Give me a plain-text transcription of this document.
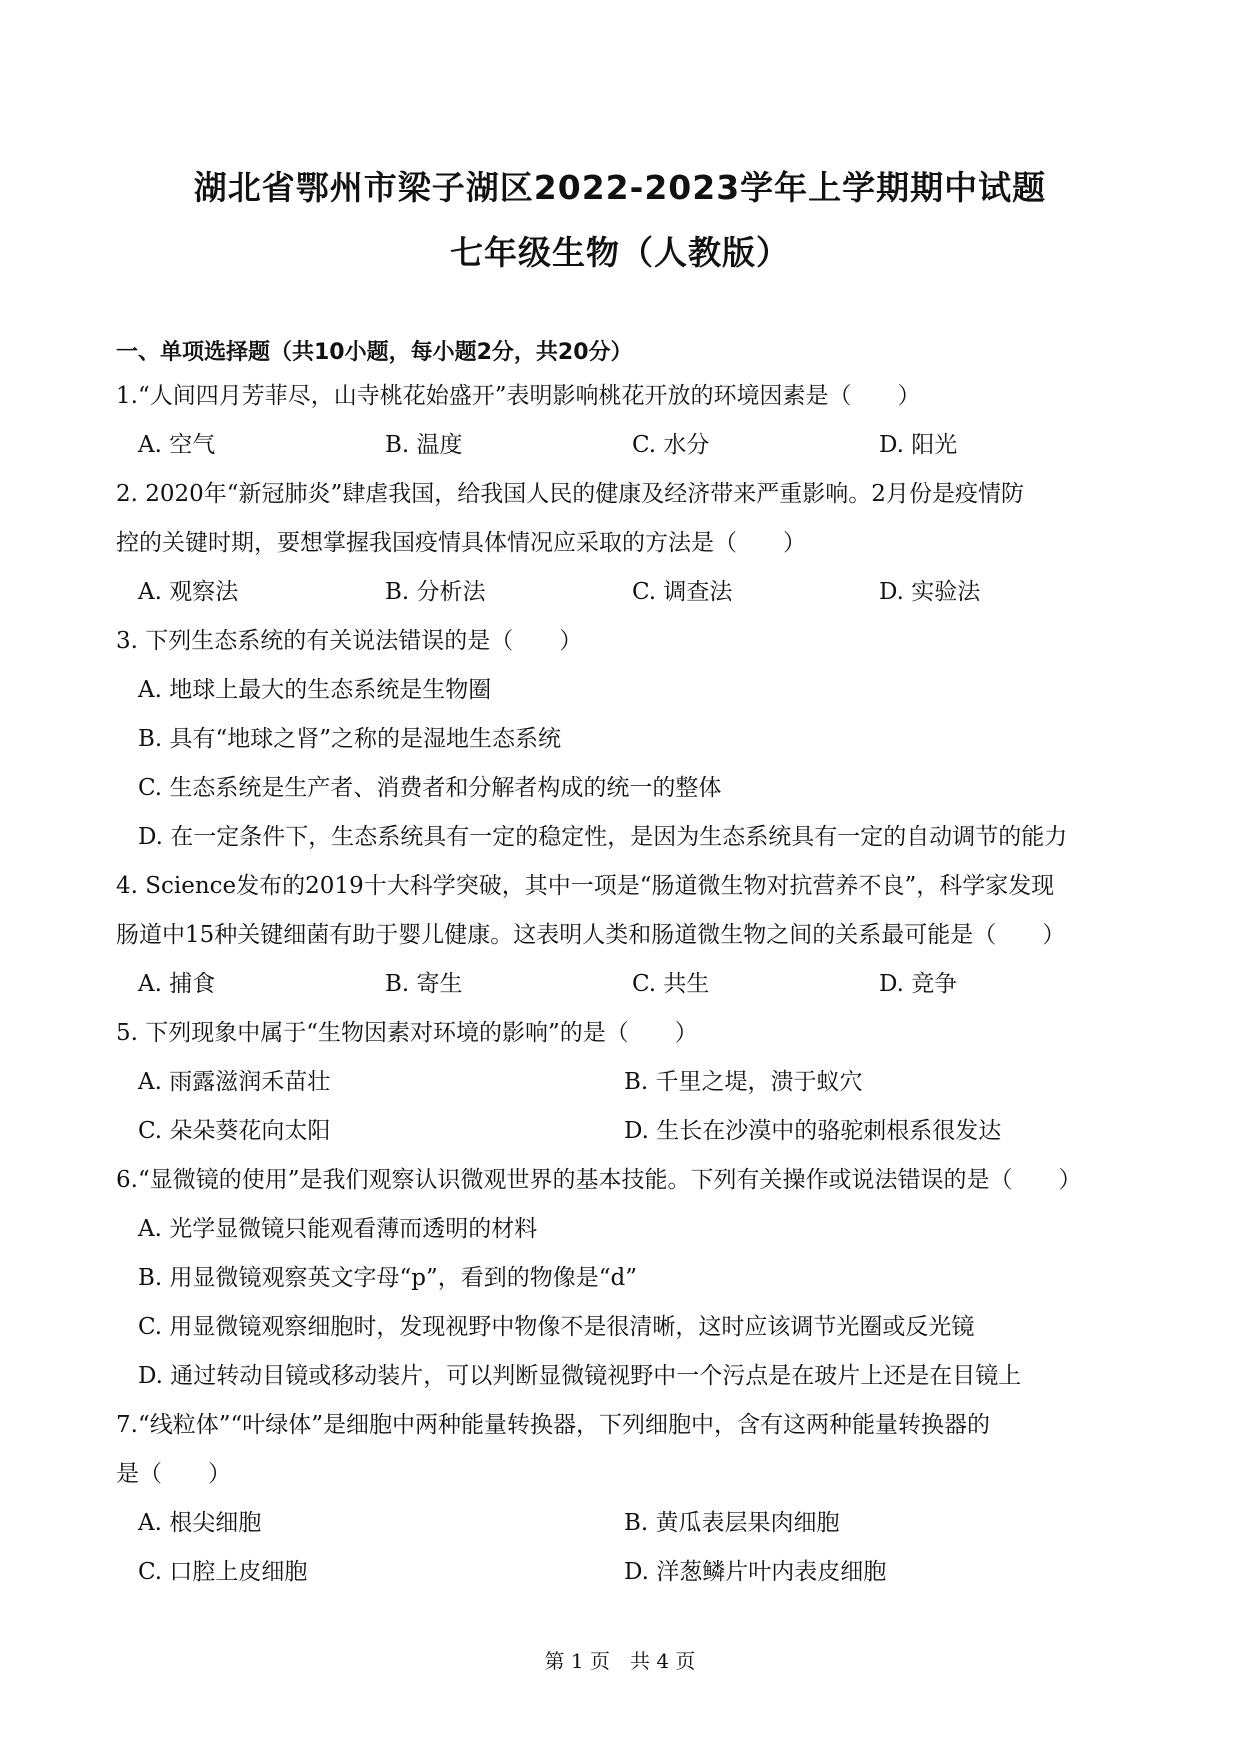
湖北省鄂州市梁子湖区2022-2023学年上学期期中试题
七年级生物（人教版）
一、单项选择题（共10小题，每小题2分，共20分）
1.“人间四月芳菲尽，山寺桃花始盛开”表明影响桃花开放的环境因素是（　　）
A. 空气	B. 温度	C. 水分	D. 阳光
2. 2020年“新冠肺炎”肆虐我国，给我国人民的健康及经济带来严重影响。2月份是疫情防
控的关键时期，要想掌握我国疫情具体情况应采取的方法是（　　）
A. 观察法	B. 分析法	C. 调查法	D. 实验法
3. 下列生态系统的有关说法错误的是（　　）
A. 地球上最大的生态系统是生物圈
B. 具有“地球之肾”之称的是湿地生态系统
C. 生态系统是生产者、消费者和分解者构成的统一的整体
D. 在一定条件下，生态系统具有一定的稳定性，是因为生态系统具有一定的自动调节的能力
4. Science发布的2019十大科学突破，其中一项是“肠道微生物对抗营养不良”，科学家发现
肠道中15种关键细菌有助于婴儿健康。这表明人类和肠道微生物之间的关系最可能是（　　）
A. 捕食	B. 寄生	C. 共生	D. 竞争
5. 下列现象中属于“生物因素对环境的影响”的是（　　）
A. 雨露滋润禾苗壮	B. 千里之堤，溃于蚁穴
C. 朵朵葵花向太阳	D. 生长在沙漠中的骆驼刺根系很发达
6.“显微镜的使用”是我们观察认识微观世界的基本技能。下列有关操作或说法错误的是（　　）
A. 光学显微镜只能观看薄而透明的材料
B. 用显微镜观察英文字母“p”，看到的物像是“d”
C. 用显微镜观察细胞时，发现视野中物像不是很清晰，这时应该调节光圈或反光镜
D. 通过转动目镜或移动装片，可以判断显微镜视野中一个污点是在玻片上还是在目镜上
7.“线粒体”“叶绿体”是细胞中两种能量转换器，下列细胞中，含有这两种能量转换器的
是（　　）
A. 根尖细胞	B. 黄瓜表层果肉细胞
C. 口腔上皮细胞	D. 洋葱鳞片叶内表皮细胞
第 1 页　共 4 页
